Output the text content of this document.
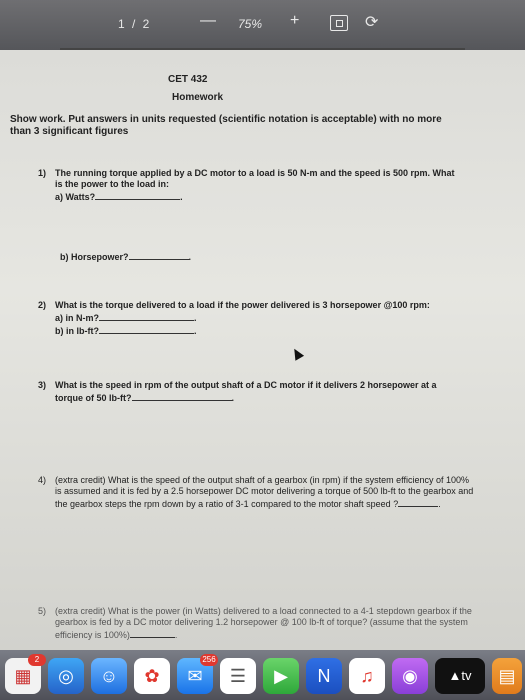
1 / 2	— 75% +	⟳
CET 432
Homework
Show work. Put answers in units requested (scientific notation is acceptable) with no more than 3 significant figures
1) The running torque applied by a DC motor to a load is 50 N-m and the speed is 500 rpm. What is the power to the load in:
a) Watts?	.
b) Horsepower?	.
2) What is the torque delivered to a load if the power delivered is 3 horsepower @100 rpm:
a) in N-m?	.
b) in lb-ft?	.
3) What is the speed in rpm of the output shaft of a DC motor if it delivers 2 horsepower at a torque of 50 lb-ft?	.
4) (extra credit) What is the speed of the output shaft of a gearbox (in rpm) if the system efficiency of 100% is assumed and it is fed by a 2.5 horsepower DC motor delivering a torque of 500 lb-ft to the gearbox and the gearbox steps the rpm down by a ratio of 3-1 compared to the motor shaft speed ?	.
5) (extra credit) What is the power (in Watts) delivered to a load connected to a 4-1 stepdown gearbox if the gearbox is fed by a DC motor delivering 1.2 horsepower @ 100 lb-ft of torque? (assume that the system efficiency is 100%)	.
2
▦	◎	☺	✿
256
✉	☰	▶	N	♫	◉	▲tv	▤
